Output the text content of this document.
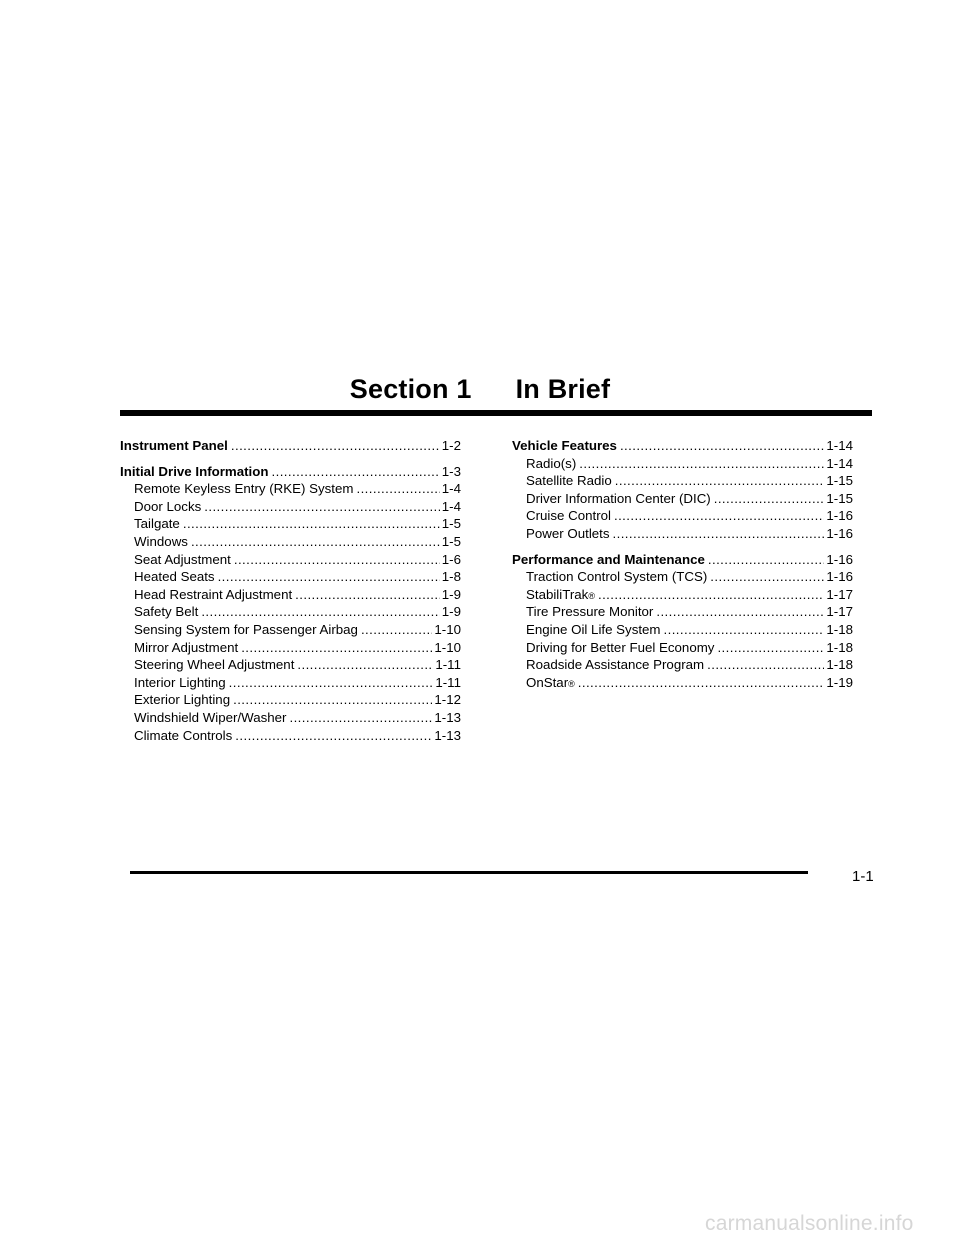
Section 1 In Brief
Instrument Panel .....	1-2
Initial Drive Information .....	1-3
Remote Keyless Entry (RKE) System .....	1-4
Door Locks .....	1-4
Tailgate .....	1-5
Windows .....	1-5
Seat Adjustment .....	1-6
Heated Seats .....	1-8
Head Restraint Adjustment .....	1-9
Safety Belt .....	1-9
Sensing System for Passenger Airbag .....	1-10
Mirror Adjustment .....	1-10
Steering Wheel Adjustment .....	1-11
Interior Lighting .....	1-11
Exterior Lighting .....	1-12
Windshield Wiper/Washer .....	1-13
Climate Controls .....	1-13
Vehicle Features .....	1-14
Radio(s) .....	1-14
Satellite Radio .....	1-15
Driver Information Center (DIC) .....	1-15
Cruise Control .....	1-16
Power Outlets .....	1-16
Performance and Maintenance .....	1-16
Traction Control System (TCS) .....	1-16
StabiliTrak ® .....	1-17
Tire Pressure Monitor .....	1-17
Engine Oil Life System .....	1-18
Driving for Better Fuel Economy .....	1-18
Roadside Assistance Program .....	1-18
OnStar ® .....	1-19
1-1
carmanualsonline.info
